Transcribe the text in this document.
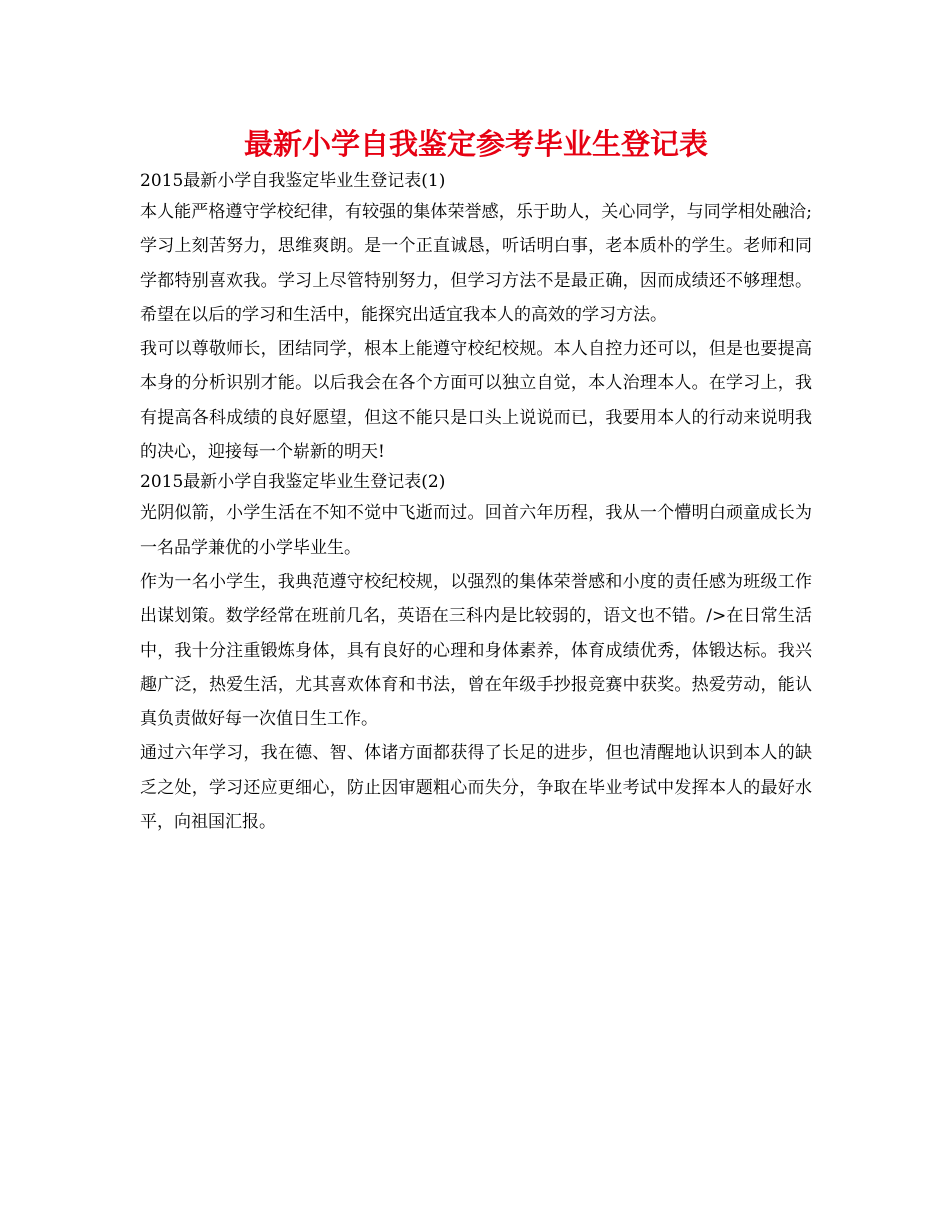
最新小学自我鉴定参考毕业生登记表

2015最新小学自我鉴定毕业生登记表(1)

本人能严格遵守学校纪律，有较强的集体荣誉感，乐于助人，关心同学，与同学相处融洽;学习上刻苦努力，思维爽朗。是一个正直诚恳，听话明白事，老本质朴的学生。老师和同学都特别喜欢我。学习上尽管特别努力，但学习方法不是最正确，因而成绩还不够理想。希望在以后的学习和生活中，能探究出适宜我本人的高效的学习方法。

我可以尊敬师长，团结同学，根本上能遵守校纪校规。本人自控力还可以，但是也要提高本身的分析识别才能。以后我会在各个方面可以独立自觉，本人治理本人。在学习上，我有提高各科成绩的良好愿望，但这不能只是口头上说说而已，我要用本人的行动来说明我的决心，迎接每一个崭新的明天!

2015最新小学自我鉴定毕业生登记表(2)

光阴似箭，小学生活在不知不觉中飞逝而过。回首六年历程，我从一个懵明白顽童成长为一名品学兼优的小学毕业生。

作为一名小学生，我典范遵守校纪校规，以强烈的集体荣誉感和小度的责任感为班级工作出谋划策。数学经常在班前几名，英语在三科内是比较弱的，语文也不错。/>在日常生活中，我十分注重锻炼身体，具有良好的心理和身体素养，体育成绩优秀，体锻达标。我兴趣广泛，热爱生活，尤其喜欢体育和书法，曾在年级手抄报竞赛中获奖。热爱劳动，能认真负责做好每一次值日生工作。

通过六年学习，我在德、智、体诸方面都获得了长足的进步，但也清醒地认识到本人的缺乏之处，学习还应更细心，防止因审题粗心而失分，争取在毕业考试中发挥本人的最好水平，向祖国汇报。
